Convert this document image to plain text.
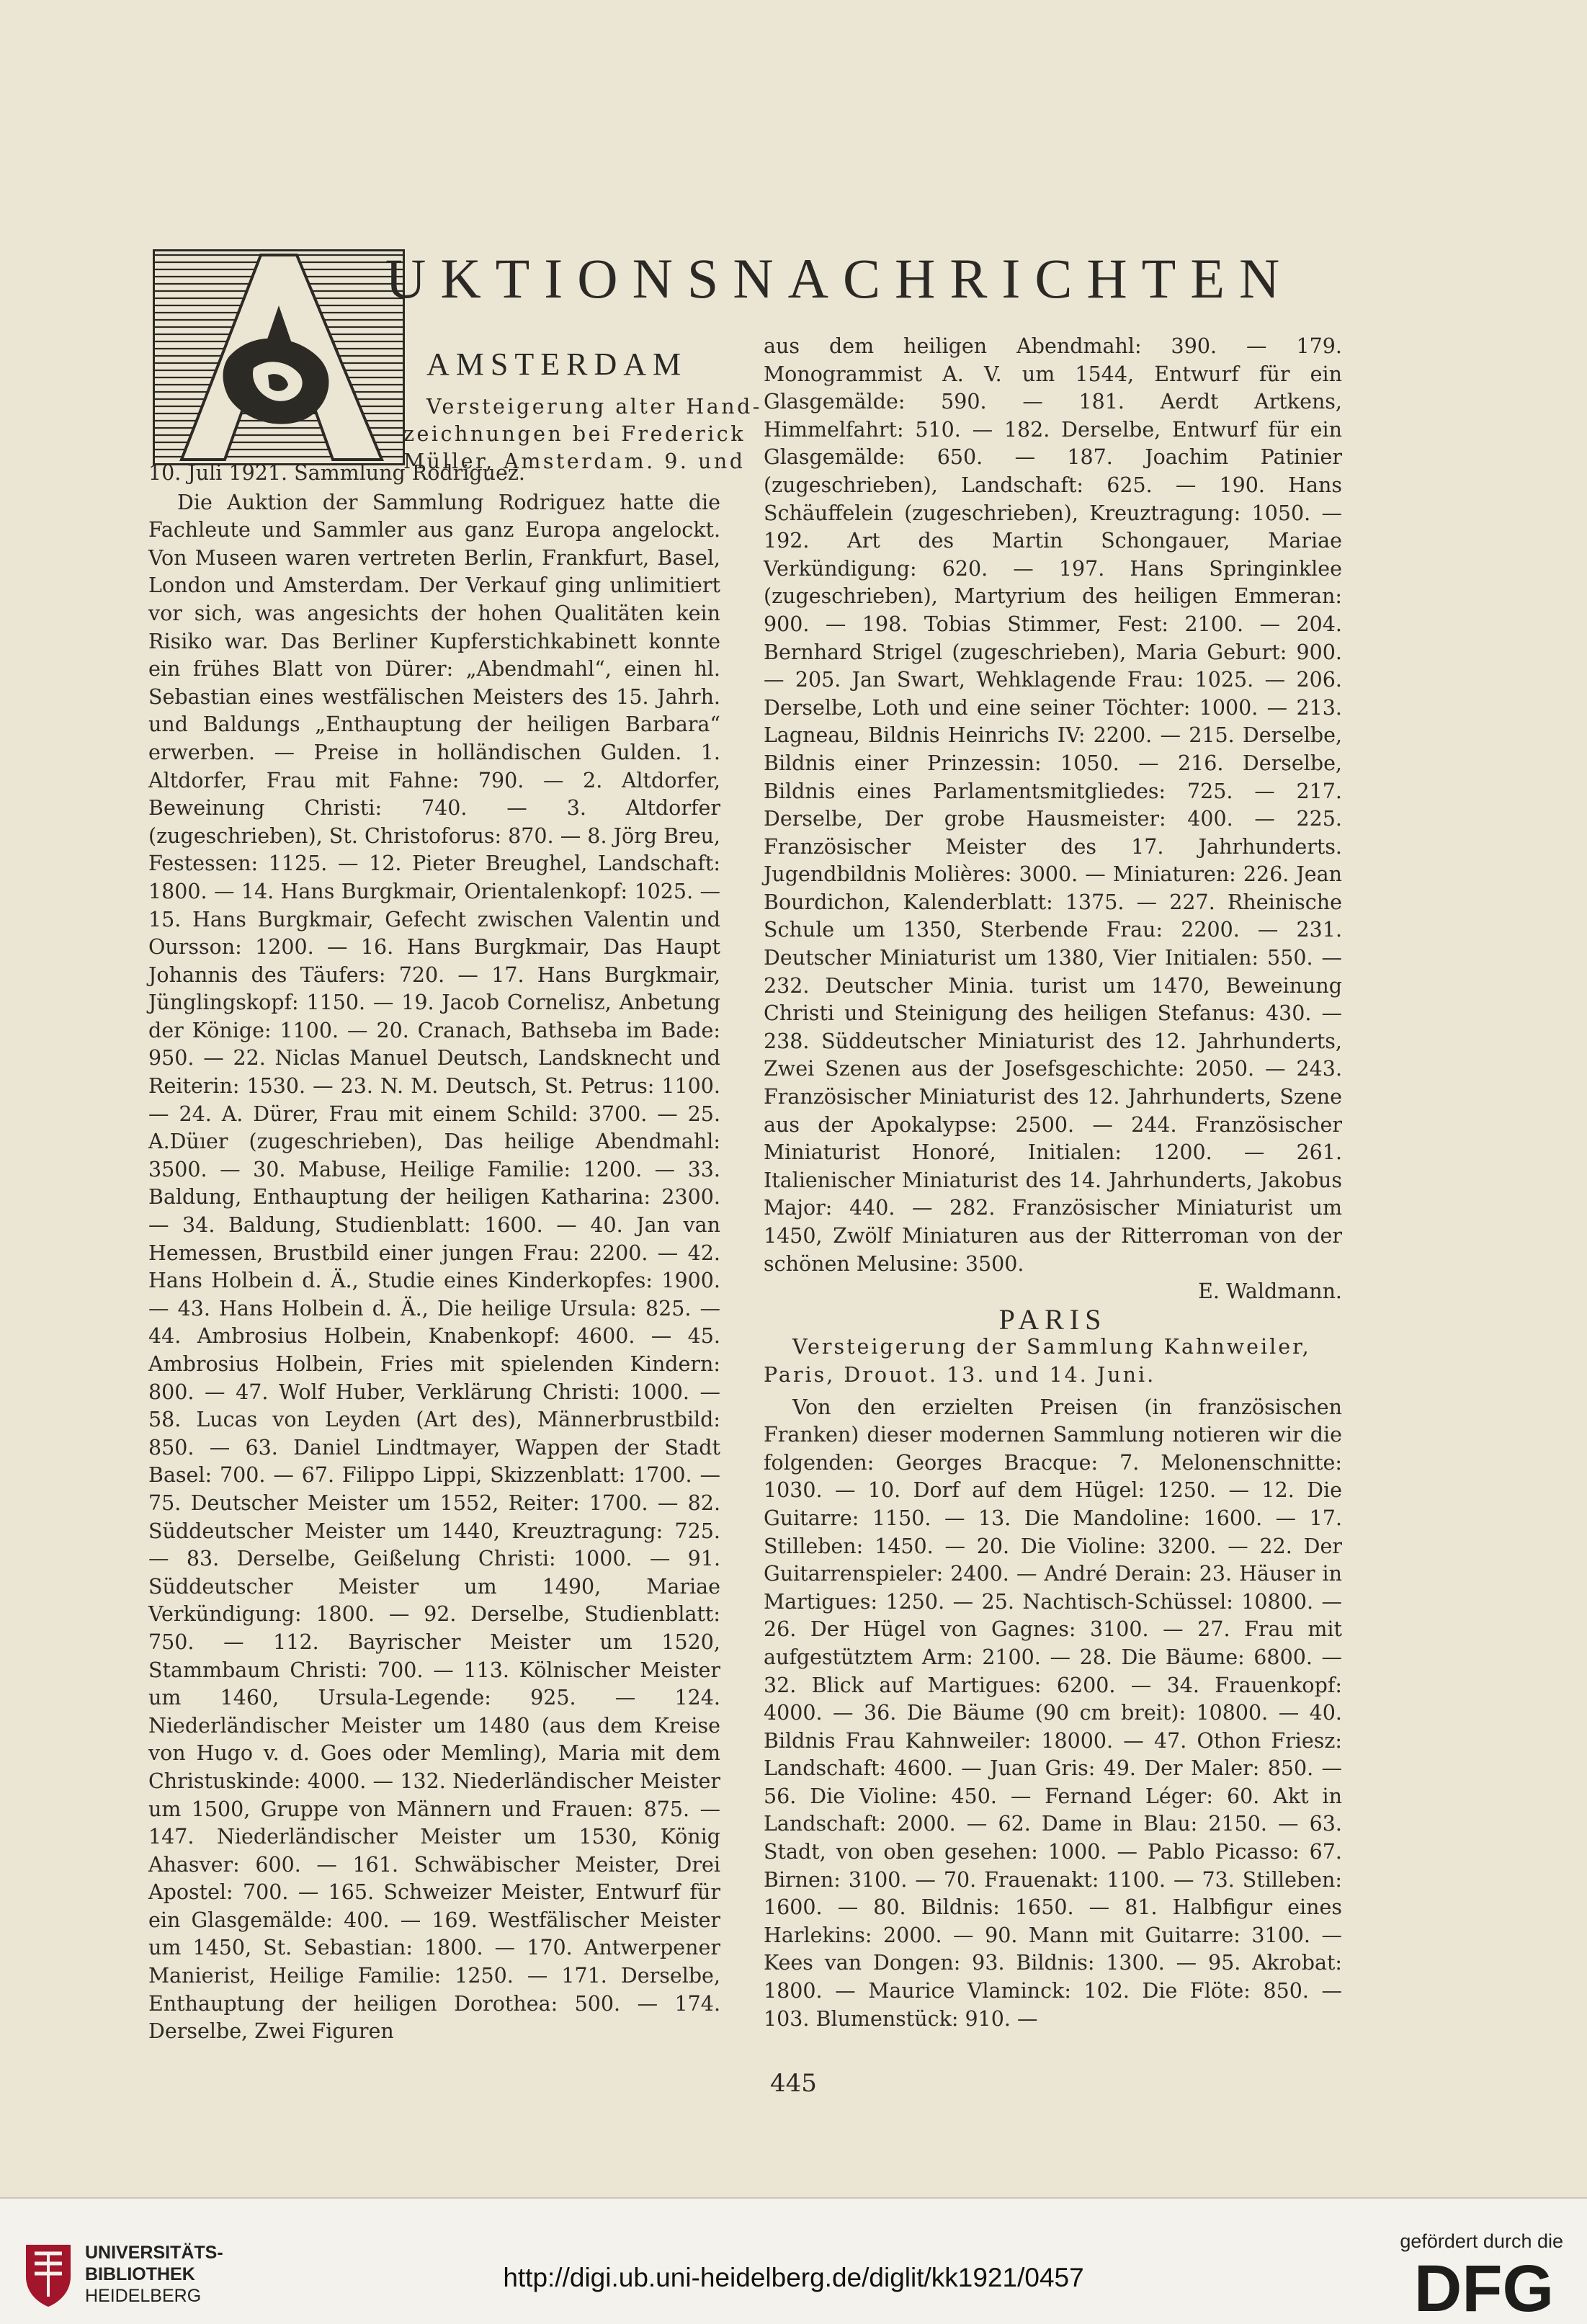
UKTIONSNACHRICHTEN
AMSTERDAM
Versteigerung alter Hand-
zeichnungen bei Frederick
Müller, Amsterdam. 9. und

10. Juli 1921. Sammlung Rodriguez.

Die Auktion der Sammlung Rodriguez hatte die Fachleute und Sammler aus ganz Europa angelockt. Von Museen waren vertreten Berlin, Frankfurt, Basel, London und Amsterdam. Der Verkauf ging unlimitiert vor sich, was angesichts der hohen Qualitäten kein Risiko war. Das Berliner Kupferstichkabinett konnte ein frühes Blatt von Dürer: „Abendmahl“, einen hl. Sebastian eines westfälischen Meisters des 15. Jahrh. und Baldungs „Enthauptung der heiligen Barbara“ erwerben. — Preise in holländischen Gulden. 1. Altdorfer, Frau mit Fahne: 790. — 2. Altdorfer, Beweinung Christi: 740. — 3. Altdorfer (zugeschrieben), St. Christoforus: 870. — 8. Jörg Breu, Festessen: 1125. — 12. Pieter Breughel, Landschaft: 1800. — 14. Hans Burgkmair, Orientalenkopf: 1025. — 15. Hans Burgkmair, Gefecht zwischen Valentin und Oursson: 1200. — 16. Hans Burgkmair, Das Haupt Johannis des Täufers: 720. — 17. Hans Burgkmair, Jünglingskopf: 1150. — 19. Jacob Cornelisz, Anbetung der Könige: 1100. — 20. Cranach, Bathseba im Bade: 950. — 22. Niclas Manuel Deutsch, Landsknecht und Reiterin: 1530. — 23. N. M. Deutsch, St. Petrus: 1100. — 24. A. Dürer, Frau mit einem Schild: 3700. — 25. A.Düıer (zugeschrieben), Das heilige Abendmahl: 3500. — 30. Mabuse, Heilige Familie: 1200. — 33. Baldung, Enthauptung der heiligen Katharina: 2300. — 34. Baldung, Studienblatt: 1600. — 40. Jan van Hemessen, Brustbild einer jungen Frau: 2200. — 42. Hans Holbein d. Ä., Studie eines Kinderkopfes: 1900. — 43. Hans Holbein d. Ä., Die heilige Ursula: 825. — 44. Ambrosius Holbein, Knabenkopf: 4600. — 45. Ambrosius Holbein, Fries mit spielenden Kindern: 800. — 47. Wolf Huber, Verklärung Christi: 1000. — 58. Lucas von Leyden (Art des), Männerbrustbild: 850. — 63. Daniel Lindtmayer, Wappen der Stadt Basel: 700. — 67. Filippo Lippi, Skizzenblatt: 1700. — 75. Deutscher Meister um 1552, Reiter: 1700. — 82. Süddeutscher Meister um 1440, Kreuztragung: 725. — 83. Derselbe, Geißelung Christi: 1000. — 91. Süddeutscher Meister um 1490, Mariae Verkündigung: 1800. — 92. Derselbe, Studienblatt: 750. — 112. Bayrischer Meister um 1520, Stammbaum Christi: 700. — 113. Kölnischer Meister um 1460, Ursula-Legende: 925. — 124. Niederländischer Meister um 1480 (aus dem Kreise von Hugo v. d. Goes oder Memling), Maria mit dem Christuskinde: 4000. — 132. Niederländischer Meister um 1500, Gruppe von Männern und Frauen: 875. — 147. Niederländischer Meister um 1530, König Ahasver: 600. — 161. Schwäbischer Meister, Drei Apostel: 700. — 165. Schweizer Meister, Entwurf für ein Glasgemälde: 400. — 169. Westfälischer Meister um 1450, St. Sebastian: 1800. — 170. Antwerpener Manierist, Heilige Familie: 1250. — 171. Derselbe, Enthauptung der heiligen Dorothea: 500. — 174. Derselbe, Zwei Figuren

aus dem heiligen Abendmahl: 390. — 179. Monogrammist A. V. um 1544, Entwurf für ein Glasgemälde: 590. — 181. Aerdt Artkens, Himmelfahrt: 510. — 182. Derselbe, Entwurf für ein Glasgemälde: 650. — 187. Joachim Patinier (zugeschrieben), Landschaft: 625. — 190. Hans Schäuffelein (zugeschrieben), Kreuztragung: 1050. — 192. Art des Martin Schongauer, Mariae Verkündigung: 620. — 197. Hans Springinklee (zugeschrieben), Martyrium des heiligen Emmeran: 900. — 198. Tobias Stimmer, Fest: 2100. — 204. Bernhard Strigel (zugeschrieben), Maria Geburt: 900. — 205. Jan Swart, Wehklagende Frau: 1025. — 206. Derselbe, Loth und eine seiner Töchter: 1000. — 213. Lagneau, Bildnis Heinrichs IV: 2200. — 215. Derselbe, Bildnis einer Prinzessin: 1050. — 216. Derselbe, Bildnis eines Parlamentsmitgliedes: 725. — 217. Derselbe, Der grobe Hausmeister: 400. — 225. Französischer Meister des 17. Jahrhunderts. Jugendbildnis Molières: 3000. — Miniaturen: 226. Jean Bourdichon, Kalenderblatt: 1375. — 227. Rheinische Schule um 1350, Sterbende Frau: 2200. — 231. Deutscher Miniaturist um 1380, Vier Initialen: 550. — 232. Deutscher Minia. turist um 1470, Beweinung Christi und Steinigung des heiligen Stefanus: 430. — 238. Süddeutscher Miniaturist des 12. Jahrhunderts, Zwei Szenen aus der Josefsgeschichte: 2050. — 243. Französischer Miniaturist des 12. Jahrhunderts, Szene aus der Apokalypse: 2500. — 244. Französischer Miniaturist Honoré, Initialen: 1200. — 261. Italienischer Miniaturist des 14. Jahrhunderts, Jakobus Major: 440. — 282. Französischer Miniaturist um 1450, Zwölf Miniaturen aus der Ritterroman von der schönen Melusine: 3500.

E. Waldmann.

PARIS

Versteigerung der Sammlung Kahnweiler, Paris, Drouot. 13. und 14. Juni.

Von den erzielten Preisen (in französischen Franken) dieser modernen Sammlung notieren wir die folgenden: Georges Bracque: 7. Melonenschnitte: 1030. — 10. Dorf auf dem Hügel: 1250. — 12. Die Guitarre: 1150. — 13. Die Mandoline: 1600. — 17. Stilleben: 1450. — 20. Die Violine: 3200. — 22. Der Guitarrenspieler: 2400. — André Derain: 23. Häuser in Martigues: 1250. — 25. Nachtisch-Schüssel: 10800. — 26. Der Hügel von Gagnes: 3100. — 27. Frau mit aufgestütztem Arm: 2100. — 28. Die Bäume: 6800. — 32. Blick auf Martigues: 6200. — 34. Frauenkopf: 4000. — 36. Die Bäume (90 cm breit): 10800. — 40. Bildnis Frau Kahnweiler: 18000. — 47. Othon Friesz: Landschaft: 4600. — Juan Gris: 49. Der Maler: 850. — 56. Die Violine: 450. — Fernand Léger: 60. Akt in Landschaft: 2000. — 62. Dame in Blau: 2150. — 63. Stadt, von oben gesehen: 1000. — Pablo Picasso: 67. Birnen: 3100. — 70. Frauenakt: 1100. — 73. Stilleben: 1600. — 80. Bildnis: 1650. — 81. Halbfigur eines Harlekins: 2000. — 90. Mann mit Guitarre: 3100. — Kees van Dongen: 93. Bildnis: 1300. — 95. Akrobat: 1800. — Maurice Vlaminck: 102. Die Flöte: 850. — 103. Blumenstück: 910. —

445
UNIVERSITÄTS-
BIBLIOTHEK
HEIDELBERG
http://digi.ub.uni-heidelberg.de/diglit/kk1921/0457
gefördert durch die
DFG
